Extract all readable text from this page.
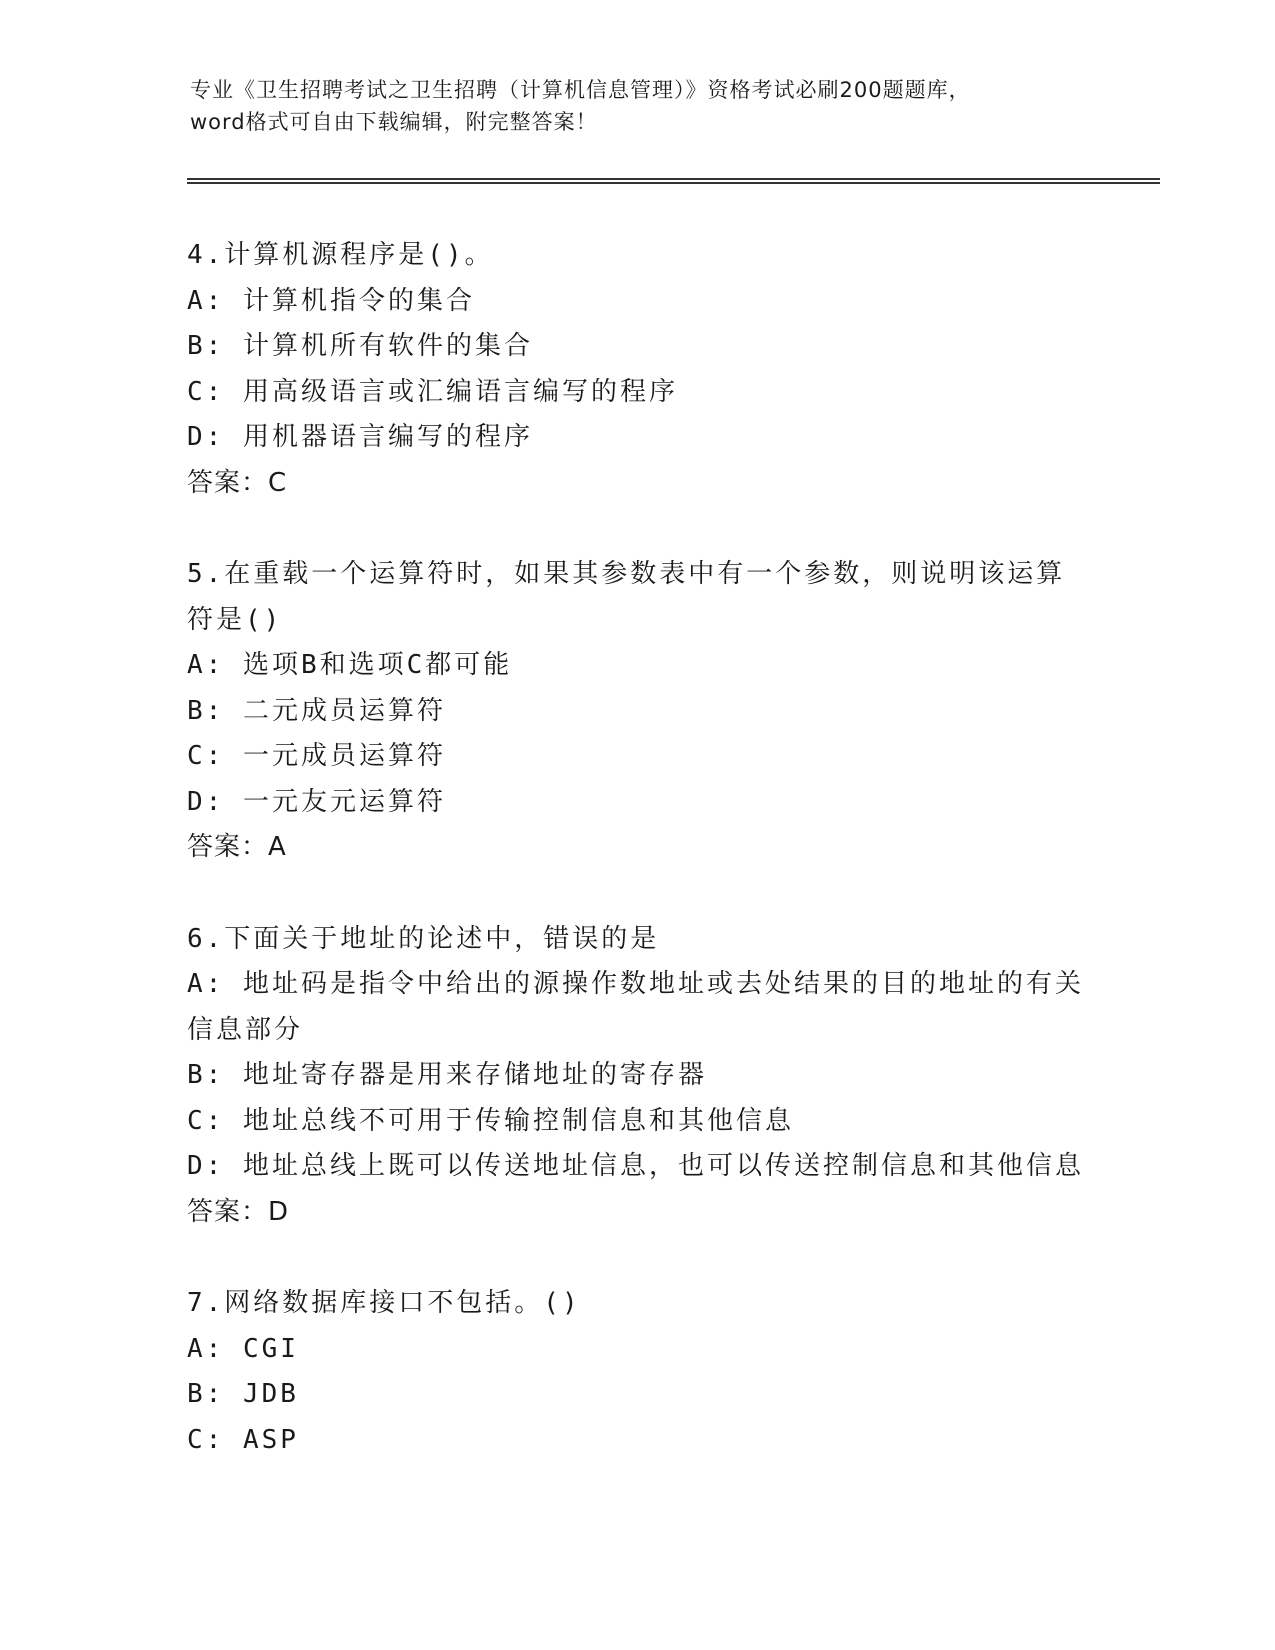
专业《卫生招聘考试之卫生招聘（计算机信息管理）》资格考试必刷200题题库，
word格式可自由下载编辑，附完整答案！
4.计算机源程序是()。
A: 计算机指令的集合
B: 计算机所有软件的集合
C: 用高级语言或汇编语言编写的程序
D: 用机器语言编写的程序
答案：C
5.在重载一个运算符时，如果其参数表中有一个参数，则说明该运算
符是()
A: 选项B和选项C都可能
B: 二元成员运算符
C: 一元成员运算符
D: 一元友元运算符
答案：A
6.下面关于地址的论述中，错误的是
A: 地址码是指令中给出的源操作数地址或去处结果的目的地址的有关
信息部分
B: 地址寄存器是用来存储地址的寄存器
C: 地址总线不可用于传输控制信息和其他信息
D: 地址总线上既可以传送地址信息，也可以传送控制信息和其他信息
答案：D
7.网络数据库接口不包括。()
A: CGI
B: JDB
C: ASP
